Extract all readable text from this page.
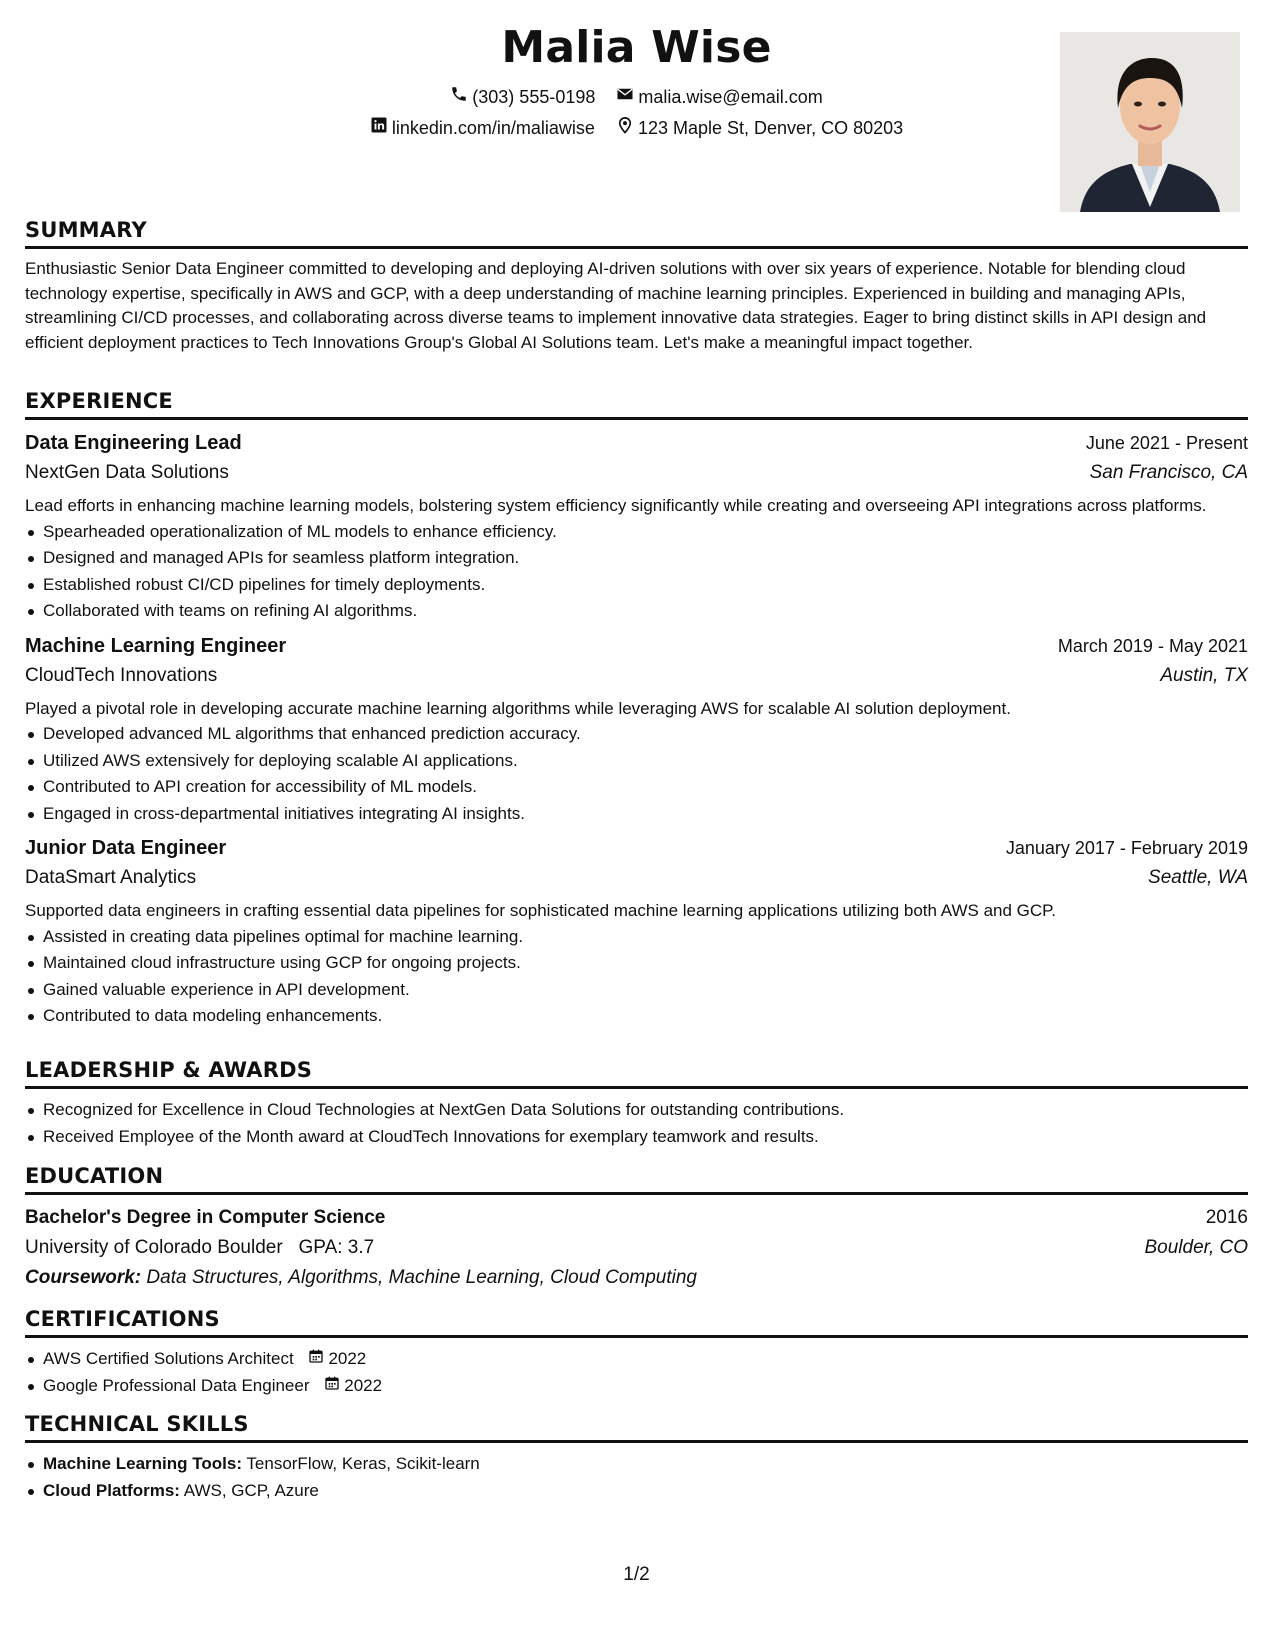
Malia Wise
(303) 555-0198
malia.wise@email.com
linkedin.com/in/maliawise
123 Maple St, Denver, CO 80203
SUMMARY

Enthusiastic Senior Data Engineer committed to developing and deploying AI-driven solutions with over six years of experience. Notable for blending cloud technology expertise, specifically in AWS and GCP, with a deep understanding of machine learning principles. Experienced in building and managing APIs, streamlining CI/CD processes, and collaborating across diverse teams to implement innovative data strategies. Eager to bring distinct skills in API design and efficient deployment practices to Tech Innovations Group's Global AI Solutions team. Let's make a meaningful impact together.

EXPERIENCE
Data Engineering Lead	June 2021 - Present
NextGen Data Solutions	San Francisco, CA

Lead efforts in enhancing machine learning models, bolstering system efficiency significantly while creating and overseeing API integrations across platforms.

Spearheaded operationalization of ML models to enhance efficiency.
Designed and managed APIs for seamless platform integration.
Established robust CI/CD pipelines for timely deployments.
Collaborated with teams on refining AI algorithms.
Machine Learning Engineer	March 2019 - May 2021
CloudTech Innovations	Austin, TX

Played a pivotal role in developing accurate machine learning algorithms while leveraging AWS for scalable AI solution deployment.

Developed advanced ML algorithms that enhanced prediction accuracy.
Utilized AWS extensively for deploying scalable AI applications.
Contributed to API creation for accessibility of ML models.
Engaged in cross-departmental initiatives integrating AI insights.
Junior Data Engineer	January 2017 - February 2019
DataSmart Analytics	Seattle, WA

Supported data engineers in crafting essential data pipelines for sophisticated machine learning applications utilizing both AWS and GCP.

Assisted in creating data pipelines optimal for machine learning.
Maintained cloud infrastructure using GCP for ongoing projects.
Gained valuable experience in API development.
Contributed to data modeling enhancements.
LEADERSHIP & AWARDS
Recognized for Excellence in Cloud Technologies at NextGen Data Solutions for outstanding contributions.
Received Employee of the Month award at CloudTech Innovations for exemplary teamwork and results.
EDUCATION
Bachelor's Degree in Computer Science	2016
University of Colorado Boulder GPA: 3.7	Boulder, CO
Coursework: Data Structures, Algorithms, Machine Learning, Cloud Computing
CERTIFICATIONS
AWS Certified Solutions Architect 2022
Google Professional Data Engineer 2022
TECHNICAL SKILLS
Machine Learning Tools: TensorFlow, Keras, Scikit-learn
Cloud Platforms: AWS, GCP, Azure
1/2
